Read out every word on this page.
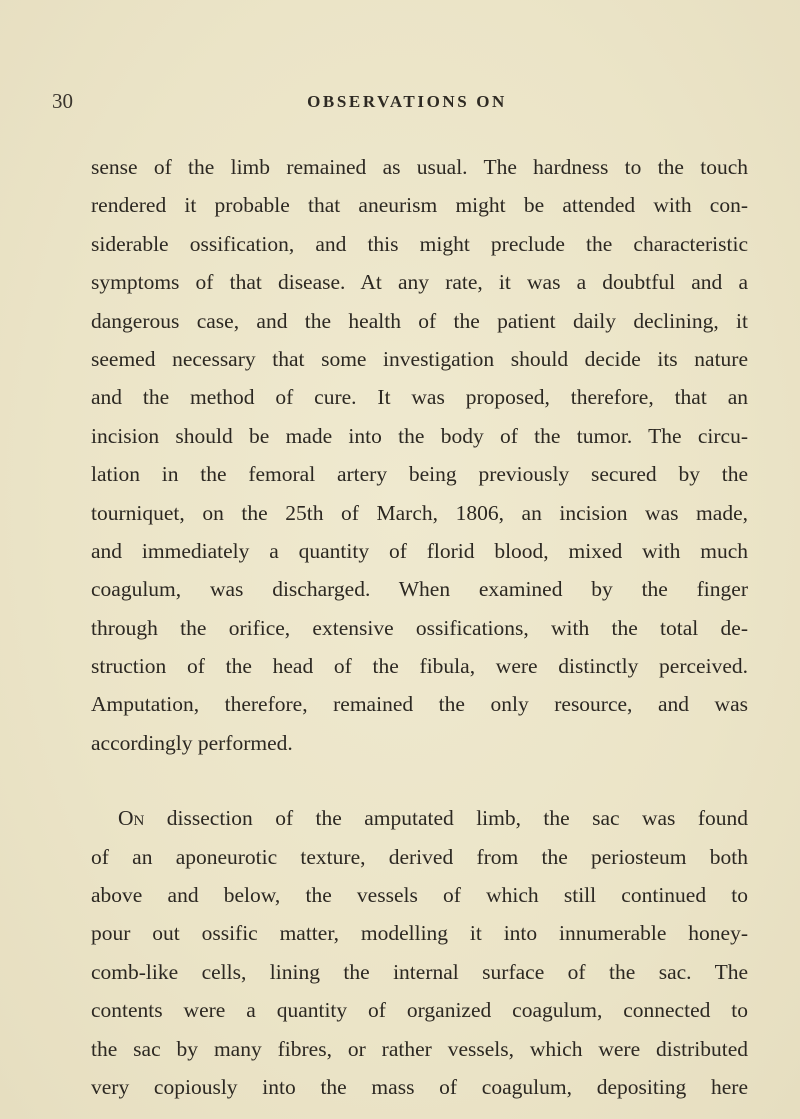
30	OBSERVATIONS ON
sense of the limb remained as usual. The hardness to the touch
rendered it probable that aneurism might be attended with con-
siderable ossification, and this might preclude the characteristic
symptoms of that disease. At any rate, it was a doubtful and a
dangerous case, and the health of the patient daily declining, it
seemed necessary that some investigation should decide its nature
and the method of cure. It was proposed, therefore, that an
incision should be made into the body of the tumor. The circu-
lation in the femoral artery being previously secured by the
tourniquet, on the 25th of March, 1806, an incision was made,
and immediately a quantity of florid blood, mixed with much
coagulum, was discharged. When examined by the finger
through the orifice, extensive ossifications, with the total de-
struction of the head of the fibula, were distinctly perceived.
Amputation, therefore, remained the only resource, and was
accordingly performed.
On dissection of the amputated limb, the sac was found
of an aponeurotic texture, derived from the periosteum both
above and below, the vessels of which still continued to
pour out ossific matter, modelling it into innumerable honey-
comb-like cells, lining the internal surface of the sac. The
contents were a quantity of organized coagulum, connected to
the sac by many fibres, or rather vessels, which were distributed
very copiously into the mass of coagulum, depositing here
